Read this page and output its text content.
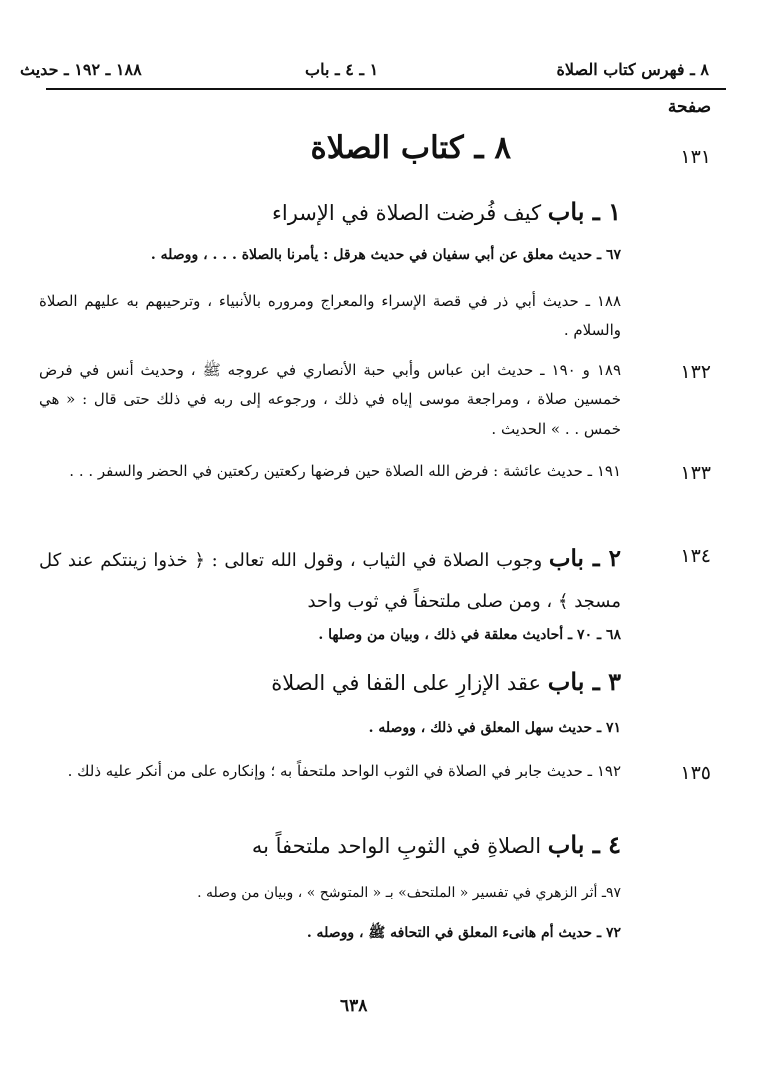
٨ ـ فهرس كتاب الصلاة
١ ـ ٤ ـ باب
١٨٨ ـ ١٩٢ ـ حديث
صفحة
١٣١
٨ ـ كتاب الصلاة
١ ـ باب كيف فُرضت الصلاة في الإسراء
٦٧ ـ حديث معلق عن أبي سفيان في حديث هرقل : يأمرنا بالصلاة . . . ، ووصله .
١٨٨ ـ حديث أبي ذر في قصة الإسراء والمعراج ومروره بالأنبياء ، وترحيبهم به عليهم الصلاة والسلام .
١٣٢
١٨٩ و ١٩٠ ـ حديث ابن عباس وأبي حبة الأنصاري في عروجه ﷺ ، وحديث أنس في فرض خمسين صلاة ، ومراجعة موسى إياه في ذلك ، ورجوعه إلى ربه في ذلك حتى قال : « هي خمس . . » الحديث .
١٣٣
١٩١ ـ حديث عائشة : فرض الله الصلاة حين فرضها ركعتين ركعتين في الحضر والسفر . . .
١٣٤
٢ ـ باب وجوب الصلاة في الثياب ، وقول الله تعالى : ﴿ خذوا زينتكم عند كل مسجد ﴾ ، ومن صلى ملتحفاً في ثوب واحد
٦٨ ـ ٧٠ ـ أحاديث معلقة في ذلك ، وبيان من وصلها .
٣ ـ باب عقد الإزارِ على القفا في الصلاة
٧١ ـ حديث سهل المعلق في ذلك ، ووصله .
١٣٥
١٩٢ ـ حديث جابر في الصلاة في الثوب الواحد ملتحفاً به ؛ وإنكاره على من أنكر عليه ذلك .
٤ ـ باب الصلاةِ في الثوبِ الواحد ملتحفاً به
٩٧ـ أثر الزهري في تفسير « الملتحف» بـ « المتوشح » ، وبيان من وصله .
٧٢ ـ حديث أم هانىء المعلق في التحافه ﷺ ، ووصله .
٦٣٨
